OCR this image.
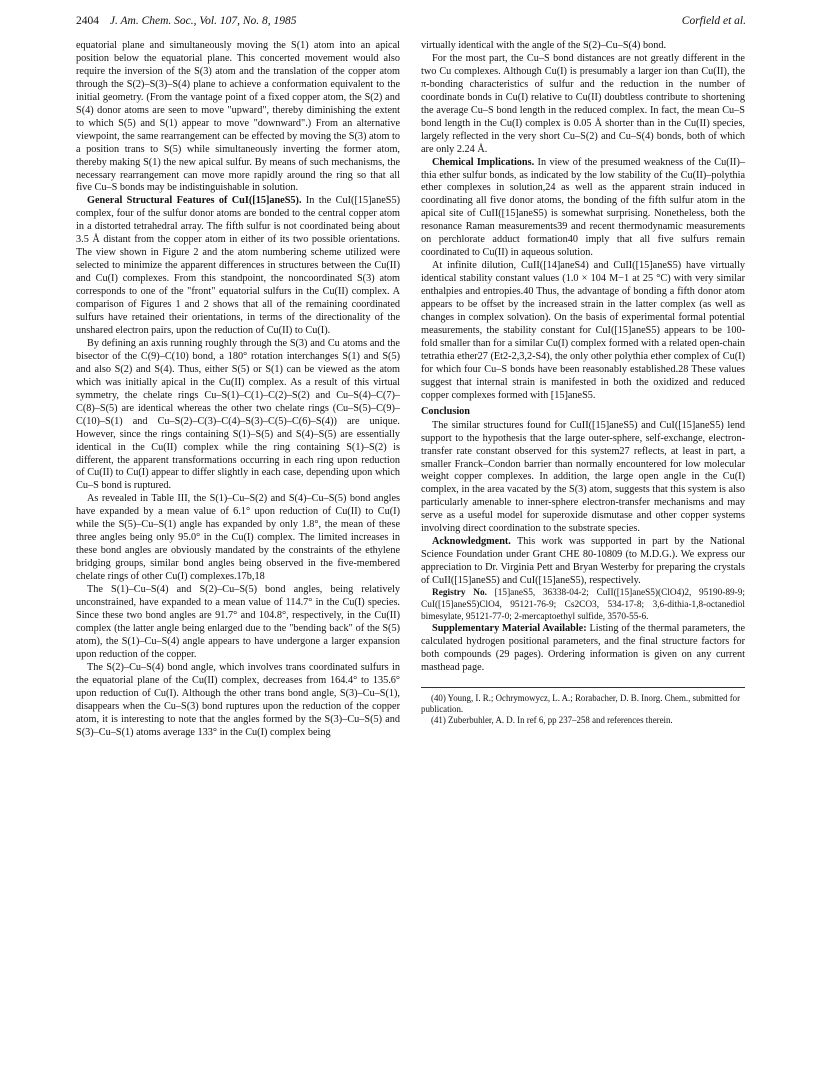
2404 J. Am. Chem. Soc., Vol. 107, No. 8, 1985	Corfield et al.

equatorial plane and simultaneously moving the S(1) atom into an apical position below the equatorial plane. This concerted movement would also require the inversion of the S(3) atom and the translation of the copper atom through the S(2)–S(3)–S(4) plane to achieve a conformation equivalent to the initial geometry. (From the vantage point of a fixed copper atom, the S(2) and S(4) donor atoms are seen to move "upward", thereby diminishing the extent to which S(5) and S(1) appear to move "downward".) From an alternative viewpoint, the same rearrangement can be effected by moving the S(3) atom to a position trans to S(5) while simultaneously inverting the former atom, thereby making S(1) the new apical sulfur. By means of such mechanisms, the necessary rearrangement can move more rapidly around the ring so that all five Cu–S bonds may be indistinguishable in solution.

General Structural Features of CuI([15]aneS5). In the CuI([15]aneS5) complex, four of the sulfur donor atoms are bonded to the central copper atom in a distorted tetrahedral array. The fifth sulfur is not coordinated being about 3.5 Å distant from the copper atom in either of its two possible orientations. The view shown in Figure 2 and the atom numbering scheme utilized were selected to minimize the apparent differences in structures between the Cu(II) and Cu(I) complexes. From this standpoint, the noncoordinated S(3) atom corresponds to one of the "front" equatorial sulfurs in the Cu(II) complex. A comparison of Figures 1 and 2 shows that all of the remaining coordinated sulfurs have retained their orientations, in terms of the directionality of the unshared electron pairs, upon the reduction of Cu(II) to Cu(I).

By defining an axis running roughly through the S(3) and Cu atoms and the bisector of the C(9)–C(10) bond, a 180° rotation interchanges S(1) and S(5) and also S(2) and S(4). Thus, either S(5) or S(1) can be viewed as the atom which was initially apical in the Cu(II) complex. As a result of this virtual symmetry, the chelate rings Cu–S(1)–C(1)–C(2)–S(2) and Cu–S(4)–C(7)–C(8)–S(5) are identical whereas the other two chelate rings (Cu–S(5)–C(9)–C(10)–S(1) and Cu–S(2)–C(3)–C(4)–S(3)–C(5)–C(6)–S(4)) are unique. However, since the rings containing S(1)–S(5) and S(4)–S(5) are essentially identical in the Cu(II) complex while the ring containing S(1)–S(2) is different, the apparent transformations occurring in each ring upon reduction of Cu(II) to Cu(I) appear to differ slightly in each case, depending upon which Cu–S bond is ruptured.

As revealed in Table III, the S(1)–Cu–S(2) and S(4)–Cu–S(5) bond angles have expanded by a mean value of 6.1° upon reduction of Cu(II) to Cu(I) while the S(5)–Cu–S(1) angle has expanded by only 1.8°, the mean of these three angles being only 95.0° in the Cu(I) complex. The limited increases in these bond angles are obviously mandated by the constraints of the ethylene bridging groups, similar bond angles being observed in the five-membered chelate rings of other Cu(I) complexes.17b,18

The S(1)–Cu–S(4) and S(2)–Cu–S(5) bond angles, being relatively unconstrained, have expanded to a mean value of 114.7° in the Cu(I) species. Since these two bond angles are 91.7° and 104.8°, respectively, in the Cu(II) complex (the latter angle being enlarged due to the "bending back" of the S(5) atom), the S(1)–Cu–S(4) angle appears to have undergone a larger expansion upon reduction of the copper.

The S(2)–Cu–S(4) bond angle, which involves trans coordinated sulfurs in the equatorial plane of the Cu(II) complex, decreases from 164.4° to 135.6° upon reduction of Cu(I). Although the other trans bond angle, S(3)–Cu–S(1), disappears when the Cu–S(3) bond ruptures upon the reduction of the copper atom, it is interesting to note that the angles formed by the S(3)–Cu–S(5) and S(3)–Cu–S(1) atoms average 133° in the Cu(I) complex being

virtually identical with the angle of the S(2)–Cu–S(4) bond.

For the most part, the Cu–S bond distances are not greatly different in the two Cu complexes. Although Cu(I) is presumably a larger ion than Cu(II), the π-bonding characteristics of sulfur and the reduction in the number of coordinate bonds in Cu(I) relative to Cu(II) doubtless contribute to shortening the average Cu–S bond length in the reduced complex. In fact, the mean Cu–S bond length in the Cu(I) complex is 0.05 Å shorter than in the Cu(II) species, largely reflected in the very short Cu–S(2) and Cu–S(4) bonds, both of which are only 2.24 Å.

Chemical Implications. In view of the presumed weakness of the Cu(II)–thia ether sulfur bonds, as indicated by the low stability of the Cu(II)–polythia ether complexes in solution,24 as well as the apparent strain induced in coordinating all five donor atoms, the bonding of the fifth sulfur atom in the apical site of CuII([15]aneS5) is somewhat surprising. Nonetheless, both the resonance Raman measurements39 and recent thermodynamic measurements on perchlorate adduct formation40 imply that all five sulfurs remain coordinated to Cu(II) in aqueous solution.

At infinite dilution, CuII([14]aneS4) and CuII([15]aneS5) have virtually identical stability constant values (1.0 × 104 M−1 at 25 °C) with very similar enthalpies and entropies.40 Thus, the advantage of bonding a fifth donor atom appears to be offset by the increased strain in the latter complex (as well as changes in complex solvation). On the basis of experimental formal potential measurements, the stability constant for CuI([15]aneS5) appears to be 100-fold smaller than for a similar Cu(I) complex formed with a related open-chain tetrathia ether27 (Et2-2,3,2-S4), the only other polythia ether complex of Cu(I) for which four Cu–S bonds have been reasonably established.28 These values suggest that internal strain is manifested in both the oxidized and reduced copper complexes formed with [15]aneS5.

Conclusion

The similar structures found for CuII([15]aneS5) and CuI([15]aneS5) lend support to the hypothesis that the large outer-sphere, self-exchange, electron-transfer rate constant observed for this system27 reflects, at least in part, a smaller Franck–Condon barrier than normally encountered for low molecular weight copper complexes. In addition, the large open angle in the Cu(I) complex, in the area vacated by the S(3) atom, suggests that this system is also particularly amenable to inner-sphere electron-transfer mechanisms and may serve as a useful model for superoxide dismutase and other copper systems involving direct coordination to the substrate species.

Acknowledgment. This work was supported in part by the National Science Foundation under Grant CHE 80-10809 (to M.D.G.). We express our appreciation to Dr. Virginia Pett and Bryan Westerby for preparing the crystals of CuII([15]aneS5) and CuI([15]aneS5), respectively.

Registry No. [15]aneS5, 36338-04-2; CuII([15]aneS5)(ClO4)2, 95190-89-9; CuI([15]aneS5)ClO4, 95121-76-9; Cs2CO3, 534-17-8; 3,6-dithia-1,8-octanediol bimesylate, 95121-77-0; 2-mercaptoethyl sulfide, 3570-55-6.

Supplementary Material Available: Listing of the thermal parameters, the calculated hydrogen positional parameters, and the final structure factors for both compounds (29 pages). Ordering information is given on any current masthead page.

(40) Young, I. R.; Ochrymowycz, L. A.; Rorabacher, D. B. Inorg. Chem., submitted for publication.

(41) Zuberbuhler, A. D. In ref 6, pp 237–258 and references therein.
